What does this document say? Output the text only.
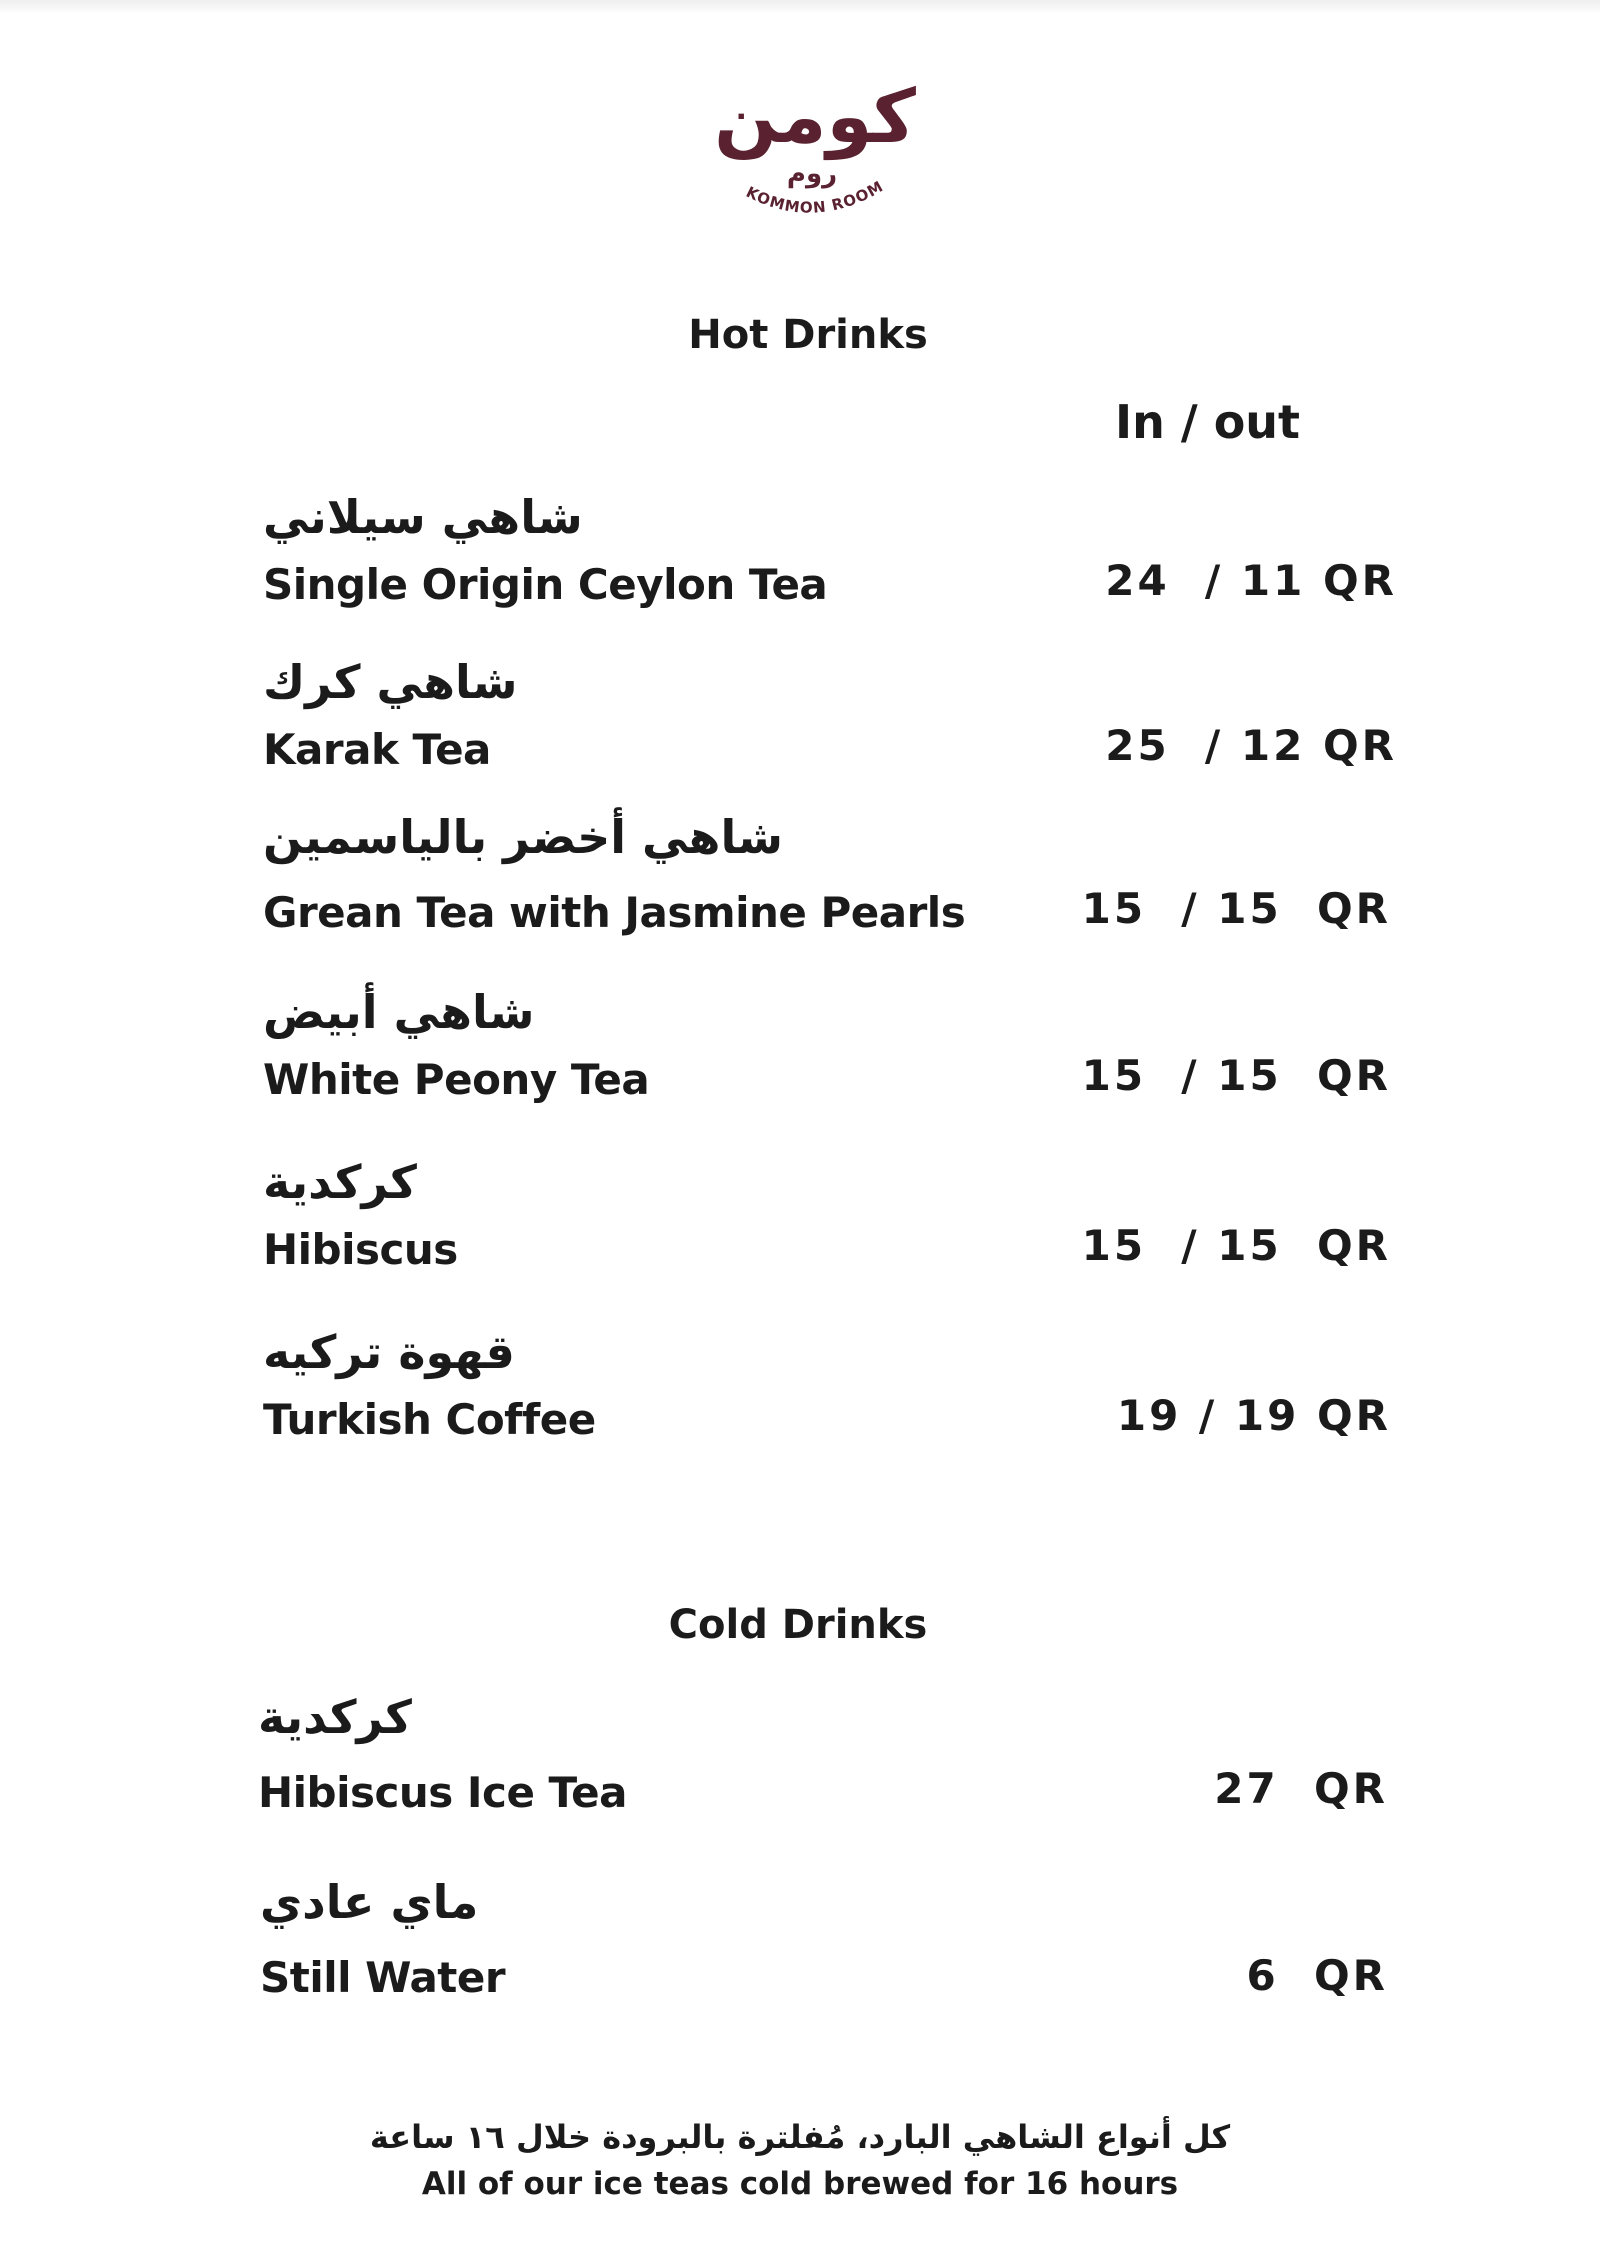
كومن
روم
KOMMON ROOM
Hot Drinks
In / out
شاهي سيلاني
Single Origin Ceylon Tea	24  / 11 QR
شاهي كرك
Karak Tea	25  / 12 QR
شاهي أخضر بالياسمين
Grean Tea with Jasmine Pearls	15  / 15  QR
شاهي أبيض
White Peony Tea	15  / 15  QR
كركدية
Hibiscus	15  / 15  QR
قهوة تركيه
Turkish Coffee	19 / 19 QR
Cold Drinks
كركدية
Hibiscus Ice Tea	27  QR
ماي عادي
Still Water	6  QR
كل أنواع الشاهي البارد، مُفلترة بالبرودة خلال ١٦ ساعة
All of our ice teas cold brewed for 16 hours
